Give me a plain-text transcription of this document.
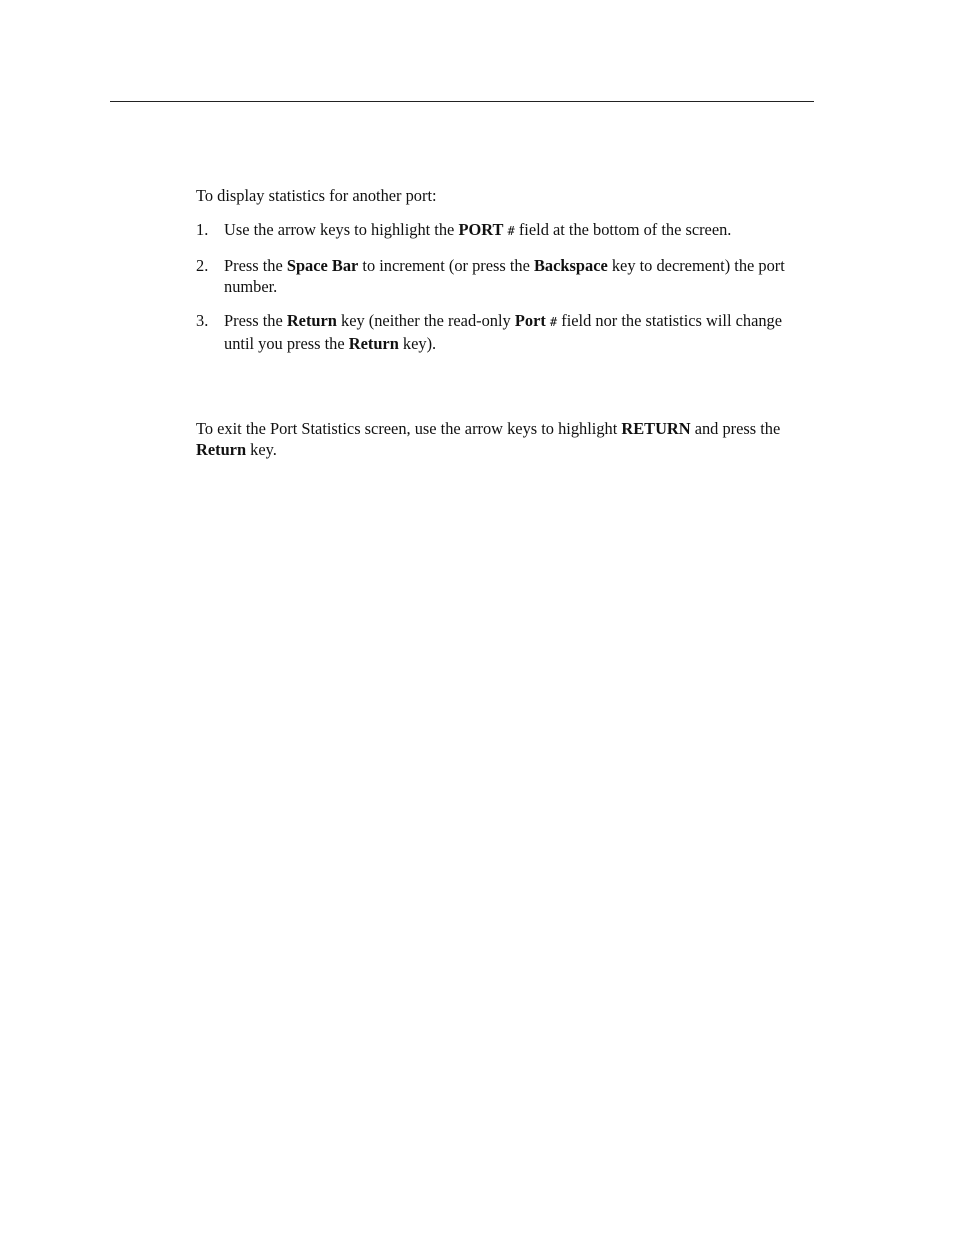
To display statistics for another port:

1. Use the arrow keys to highlight the PORT # field at the bottom of the screen.
2. Press the Space Bar to increment (or press the Backspace key to decrement) the port number.
3. Press the Return key (neither the read-only Port # field nor the statistics will change until you press the Return key).

To exit the Port Statistics screen, use the arrow keys to highlight RETURN and press the Return key.
